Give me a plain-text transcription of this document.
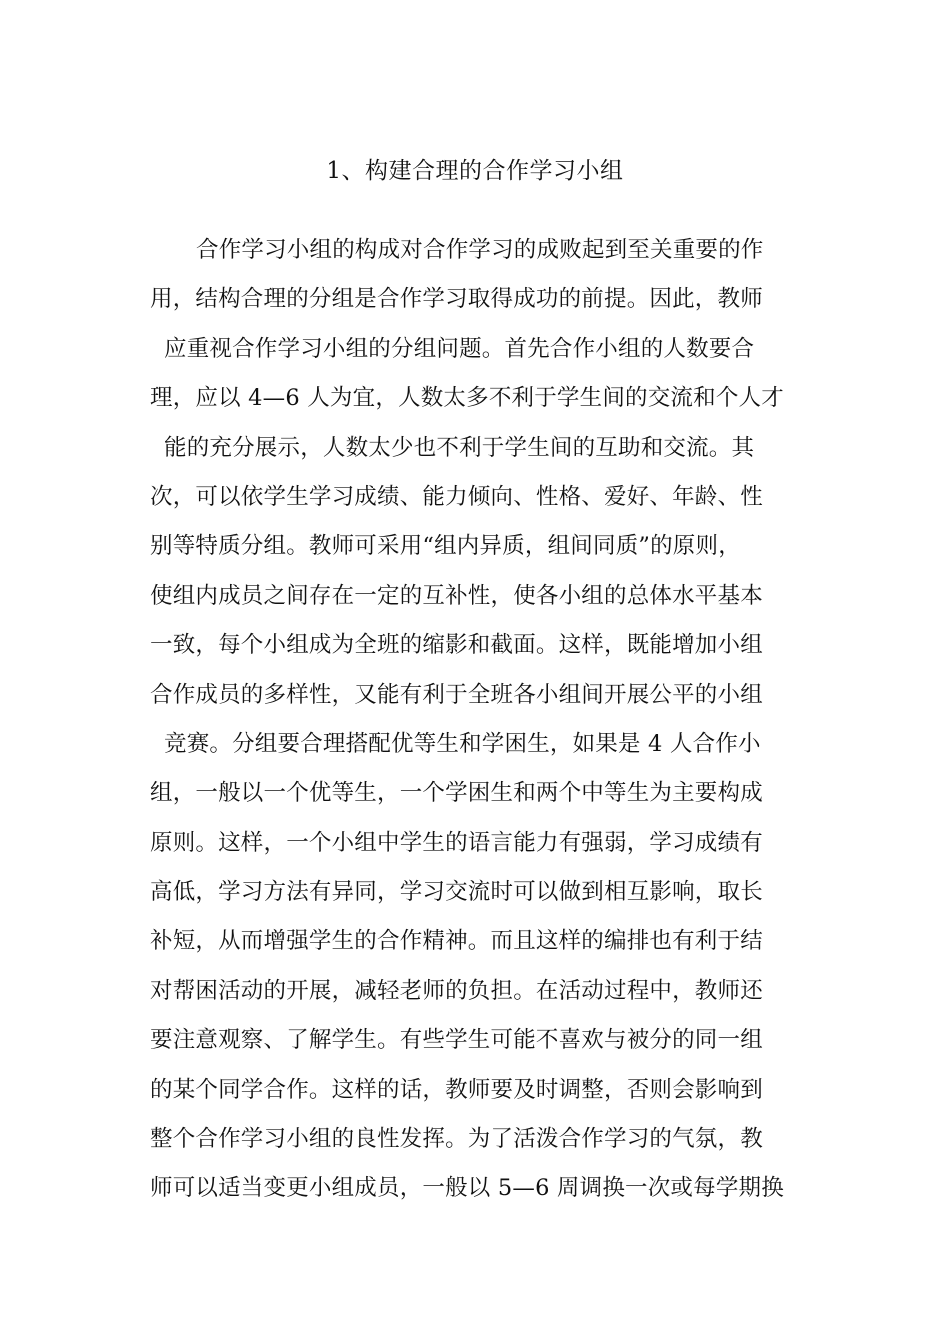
1、构建合理的合作学习小组
合作学习小组的构成对合作学习的成败起到至关重要的作
用，结构合理的分组是合作学习取得成功的前提。因此，教师
应重视合作学习小组的分组问题。首先合作小组的人数要合
理，应以 4—6 人为宜，人数太多不利于学生间的交流和个人才
能的充分展示，人数太少也不利于学生间的互助和交流。其
次，可以依学生学习成绩、能力倾向、性格、爱好、年龄、性
别等特质分组。教师可采用“组内异质，组间同质”的原则，
使组内成员之间存在一定的互补性，使各小组的总体水平基本
一致，每个小组成为全班的缩影和截面。这样，既能增加小组
合作成员的多样性，又能有利于全班各小组间开展公平的小组
竞赛。分组要合理搭配优等生和学困生，如果是 4 人合作小
组，一般以一个优等生，一个学困生和两个中等生为主要构成
原则。这样，一个小组中学生的语言能力有强弱，学习成绩有
高低，学习方法有异同，学习交流时可以做到相互影响，取长
补短，从而增强学生的合作精神。而且这样的编排也有利于结
对帮困活动的开展，减轻老师的负担。在活动过程中，教师还
要注意观察、了解学生。有些学生可能不喜欢与被分的同一组
的某个同学合作。这样的话，教师要及时调整，否则会影响到
整个合作学习小组的良性发挥。为了活泼合作学习的气氛，教
师可以适当变更小组成员，一般以 5—6 周调换一次或每学期换
